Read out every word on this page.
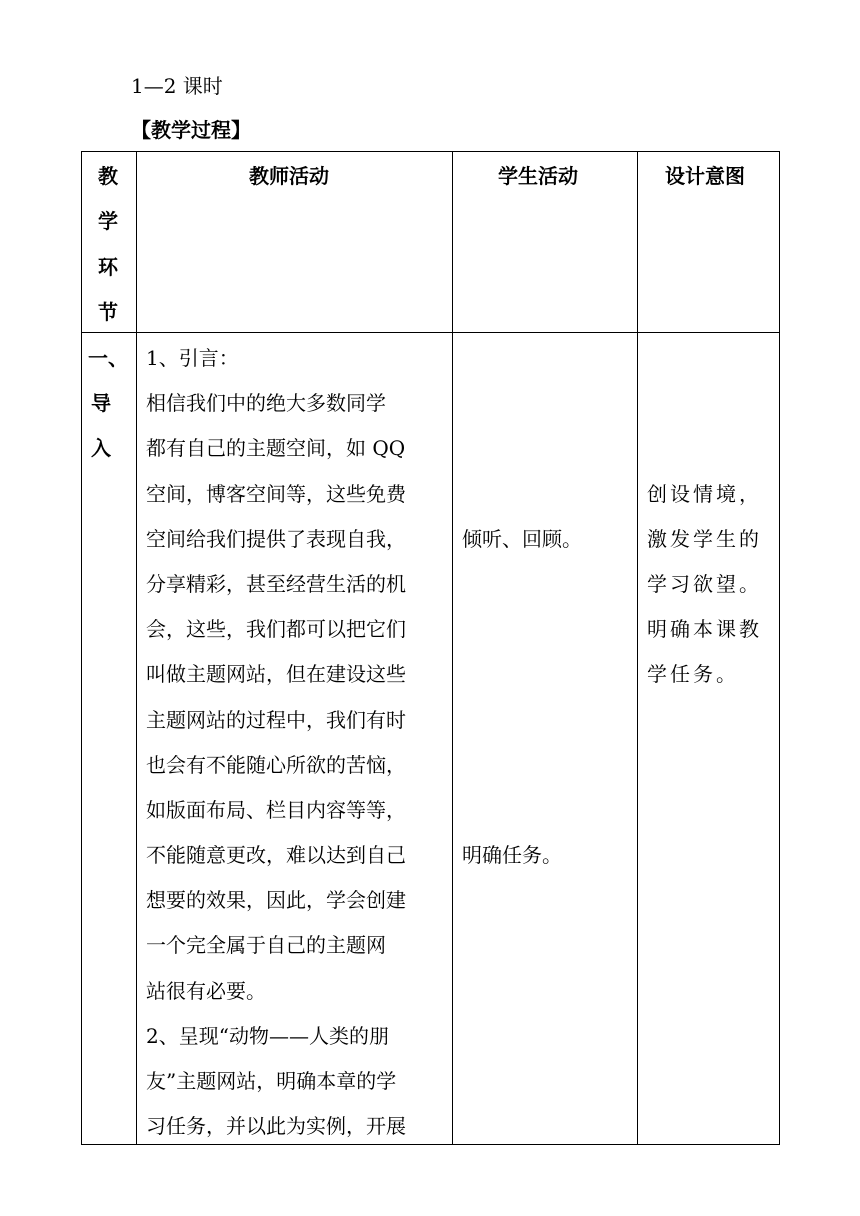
1—2 课时
【教学过程】
教
学
环
节
教师活动	学生活动	设计意图
一、
导
入
1、引言：
相信我们中的绝大多数同学
都有自己的主题空间，如 QQ
空间，博客空间等，这些免费
空间给我们提供了表现自我，
分享精彩，甚至经营生活的机
会，这些，我们都可以把它们
叫做主题网站，但在建设这些
主题网站的过程中，我们有时
也会有不能随心所欲的苦恼，
如版面布局、栏目内容等等，
不能随意更改，难以达到自己
想要的效果，因此，学会创建
一个完全属于自己的主题网
站很有必要。
2、呈现“动物——人类的朋
友”主题网站，明确本章的学
习任务，并以此为实例，开展
倾听、回顾。
明确任务。
创设情境，
激发学生的
学习欲望。
明确本课教
学任务。
